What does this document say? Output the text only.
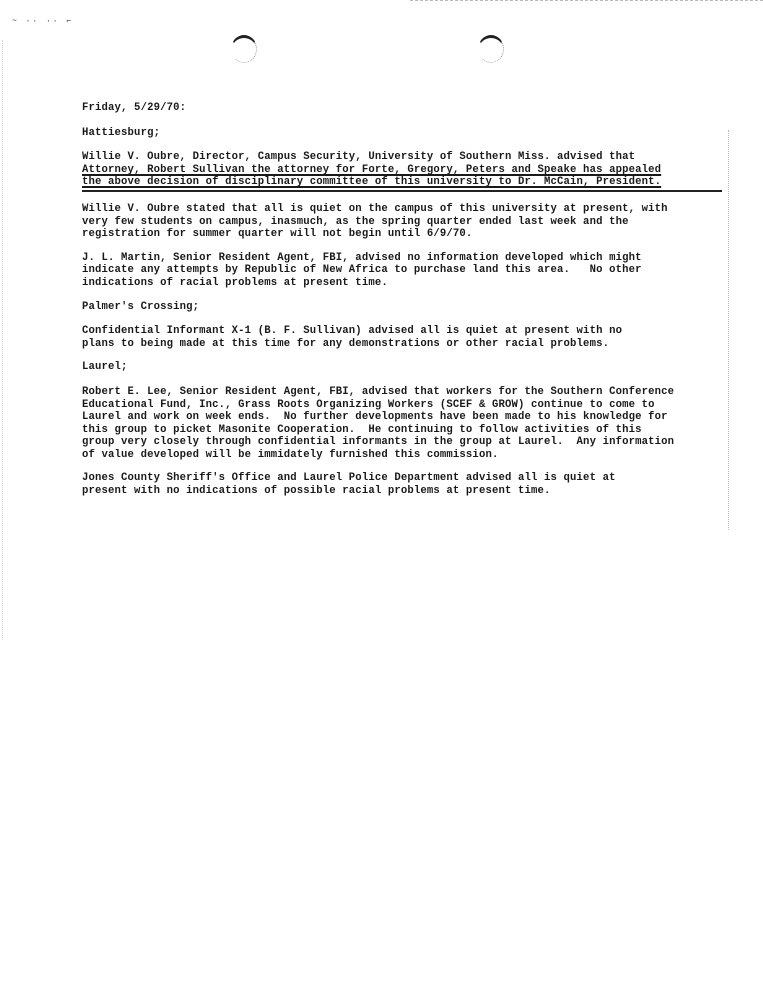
~ ·· ·· ⌐
Friday, 5/29/70:
Hattiesburg;
Willie V. Oubre, Director, Campus Security, University of Southern Miss. advised that
Attorney, Robert Sullivan the attorney for Forte, Gregory, Peters and Speake has appealed
the above decision of disciplinary committee of this university to Dr. McCain, President.
Willie V. Oubre stated that all is quiet on the campus of this university at present, with
very few students on campus, inasmuch, as the spring quarter ended last week and the
registration for summer quarter will not begin until 6/9/70.
J. L. Martin, Senior Resident Agent, FBI, advised no information developed which might
indicate any attempts by Republic of New Africa to purchase land this area.   No other
indications of racial problems at present time.
Palmer's Crossing;
Confidential Informant X-1 (B. F. Sullivan) advised all is quiet at present with no
plans to being made at this time for any demonstrations or other racial problems.
Laurel;
Robert E. Lee, Senior Resident Agent, FBI, advised that workers for the Southern Conference
Educational Fund, Inc., Grass Roots Organizing Workers (SCEF & GROW) continue to come to
Laurel and work on week ends.  No further developments have been made to his knowledge for
this group to picket Masonite Cooperation.  He continuing to follow activities of this
group very closely through confidential informants in the group at Laurel.  Any information
of value developed will be immidately furnished this commission.
Jones County Sheriff's Office and Laurel Police Department advised all is quiet at
present with no indications of possible racial problems at present time.
